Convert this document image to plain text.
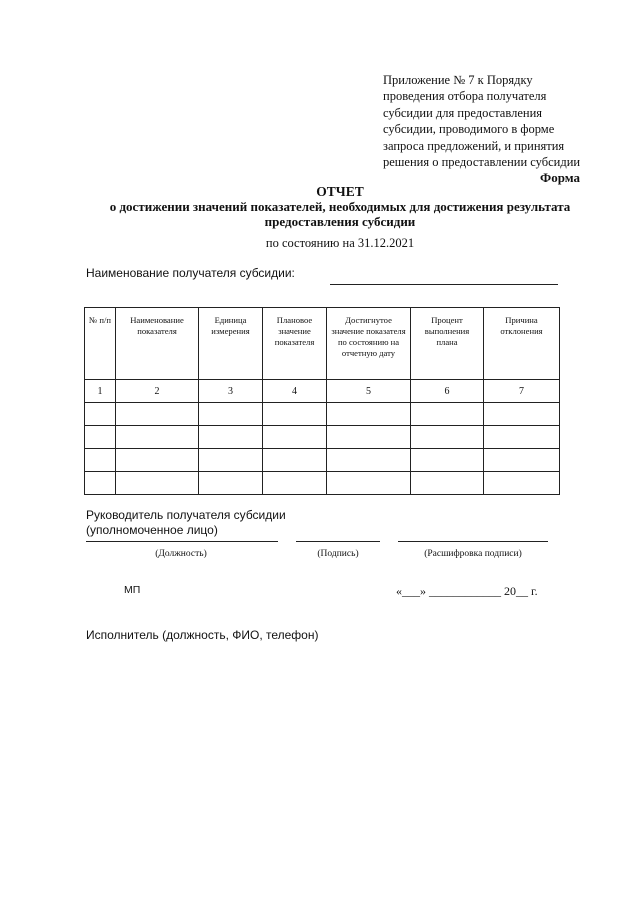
Приложение № 7 к Порядку
проведения отбора получателя
субсидии для предоставления
субсидии, проводимого в форме
запроса предложений, и принятия
решения о предоставлении субсидии
Форма
ОТЧЕТ
о достижении значений показателей, необходимых для достижения результата
предоставления субсидии
по состоянию на 31.12.2021
Наименование получателя субсидии:
№ п/п	Наименование показателя	Единица измерения	Плановое значение показателя	Достигнутое значение показателя по состоянию на отчетную дату	Процент выполнения плана	Причина отклонения

1	2	3	4	5	6	7

Руководитель получателя субсидии
(уполномоченное лицо)
(Должность)	(Подпись)	(Расшифровка подписи)
МП	«___» ____________ 20__ г.
Исполнитель (должность, ФИО, телефон)
